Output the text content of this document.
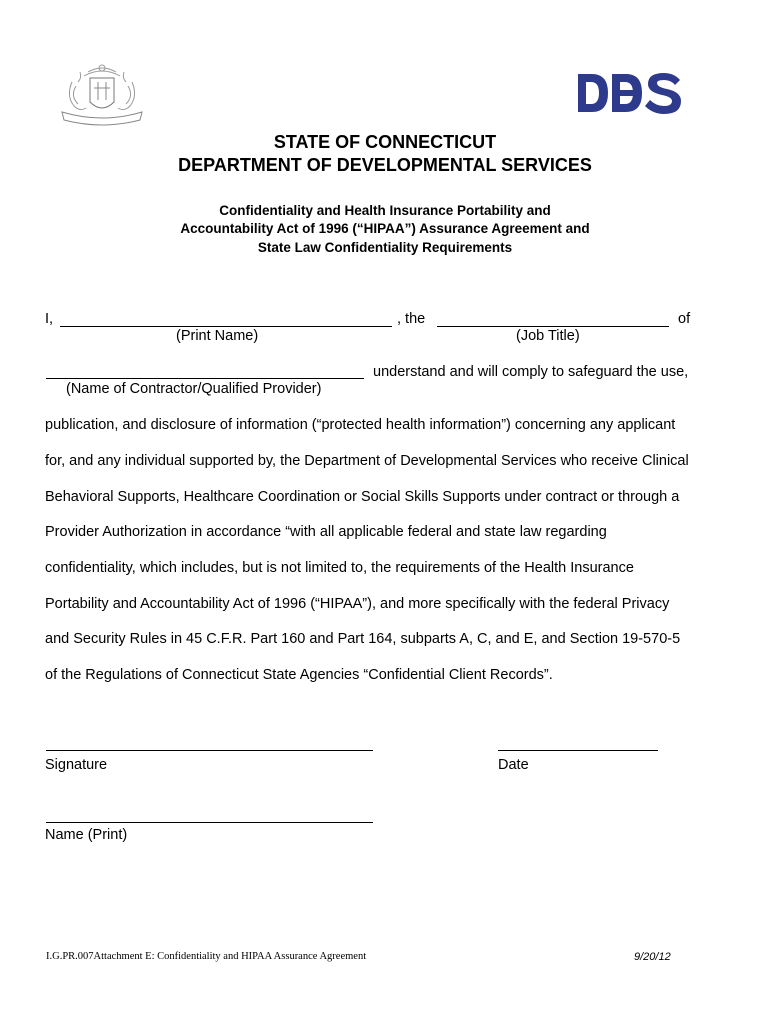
STATE OF CONNECTICUT
DEPARTMENT OF DEVELOPMENTAL SERVICES
Confidentiality and Health Insurance Portability and
Accountability Act of 1996 (“HIPAA”) Assurance Agreement and
State Law Confidentiality Requirements
I,	, the	of
(Print Name)	(Job Title)
understand and will comply to safeguard the use,
(Name of Contractor/Qualified Provider)
publication, and disclosure of information (“protected health information”) concerning any applicant
for, and any individual supported by, the Department of Developmental Services who receive Clinical
Behavioral Supports, Healthcare Coordination or Social Skills Supports under contract or through a
Provider Authorization in accordance “with all applicable federal and state law regarding
confidentiality, which includes, but is not limited to, the requirements of the Health Insurance
Portability and Accountability Act of 1996 (“HIPAA”), and more specifically with the federal Privacy
and Security Rules in 45 C.F.R. Part 160 and Part 164, subparts A, C, and E, and Section 19-570-5
of the Regulations of Connecticut State Agencies “Confidential Client Records”.
Signature	Date
Name (Print)
I.G.PR.007Attachment E: Confidentiality and HIPAA Assurance Agreement	9/20/12
